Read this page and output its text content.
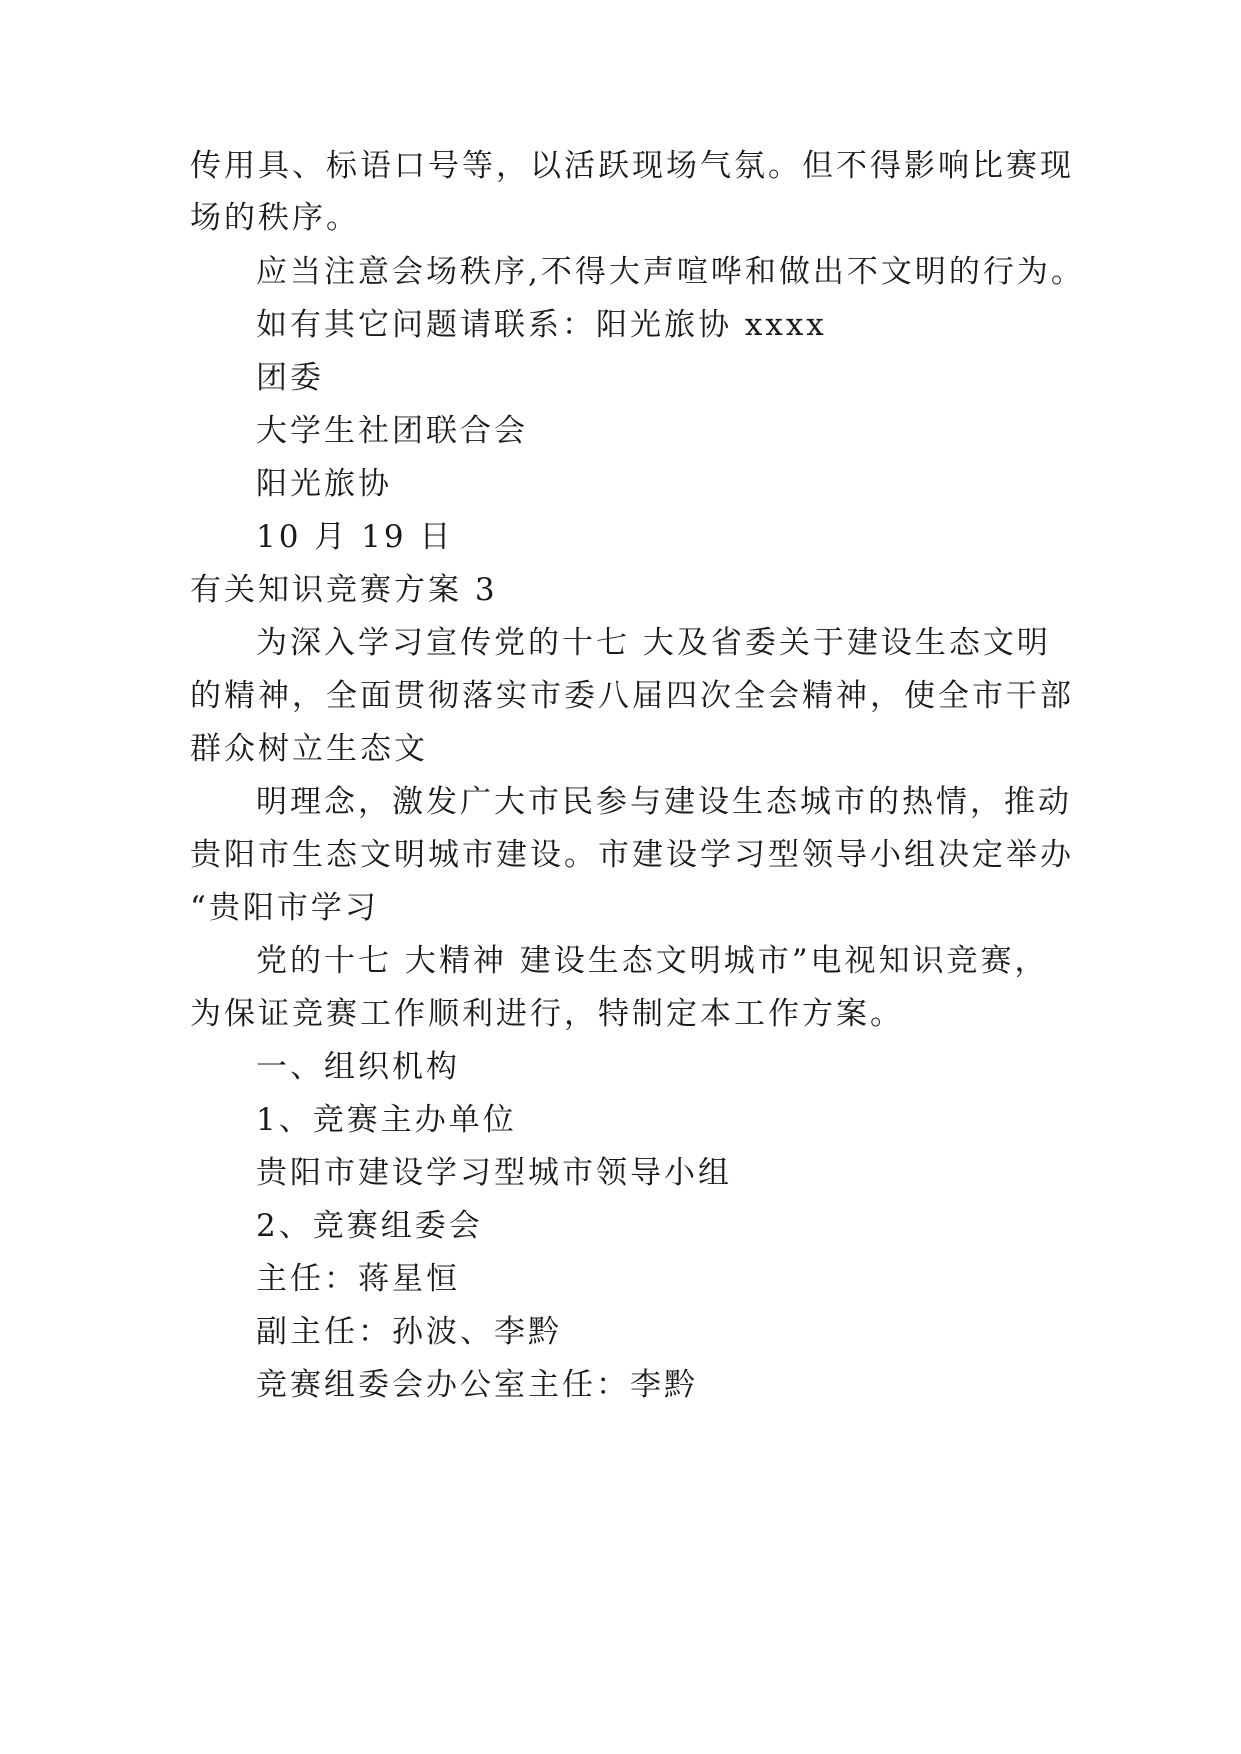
传用具、标语口号等，以活跃现场气氛。但不得影响比赛现
场的秩序。
应当注意会场秩序,不得大声喧哗和做出不文明的行为。
如有其它问题请联系：阳光旅协 xxxx
团委
大学生社团联合会
阳光旅协
10 月 19 日
有关知识竞赛方案 3
为深入学习宣传党的十七 大及省委关于建设生态文明
的精神，全面贯彻落实市委八届四次全会精神，使全市干部
群众树立生态文
明理念，激发广大市民参与建设生态城市的热情，推动
贵阳市生态文明城市建设。市建设学习型领导小组决定举办
“贵阳市学习
党的十七 大精神 建设生态文明城市”电视知识竞赛，
为保证竞赛工作顺利进行，特制定本工作方案。
一、组织机构
1、竞赛主办单位
贵阳市建设学习型城市领导小组
2、竞赛组委会
主任：蒋星恒
副主任：孙波、李黔
竞赛组委会办公室主任：李黔
